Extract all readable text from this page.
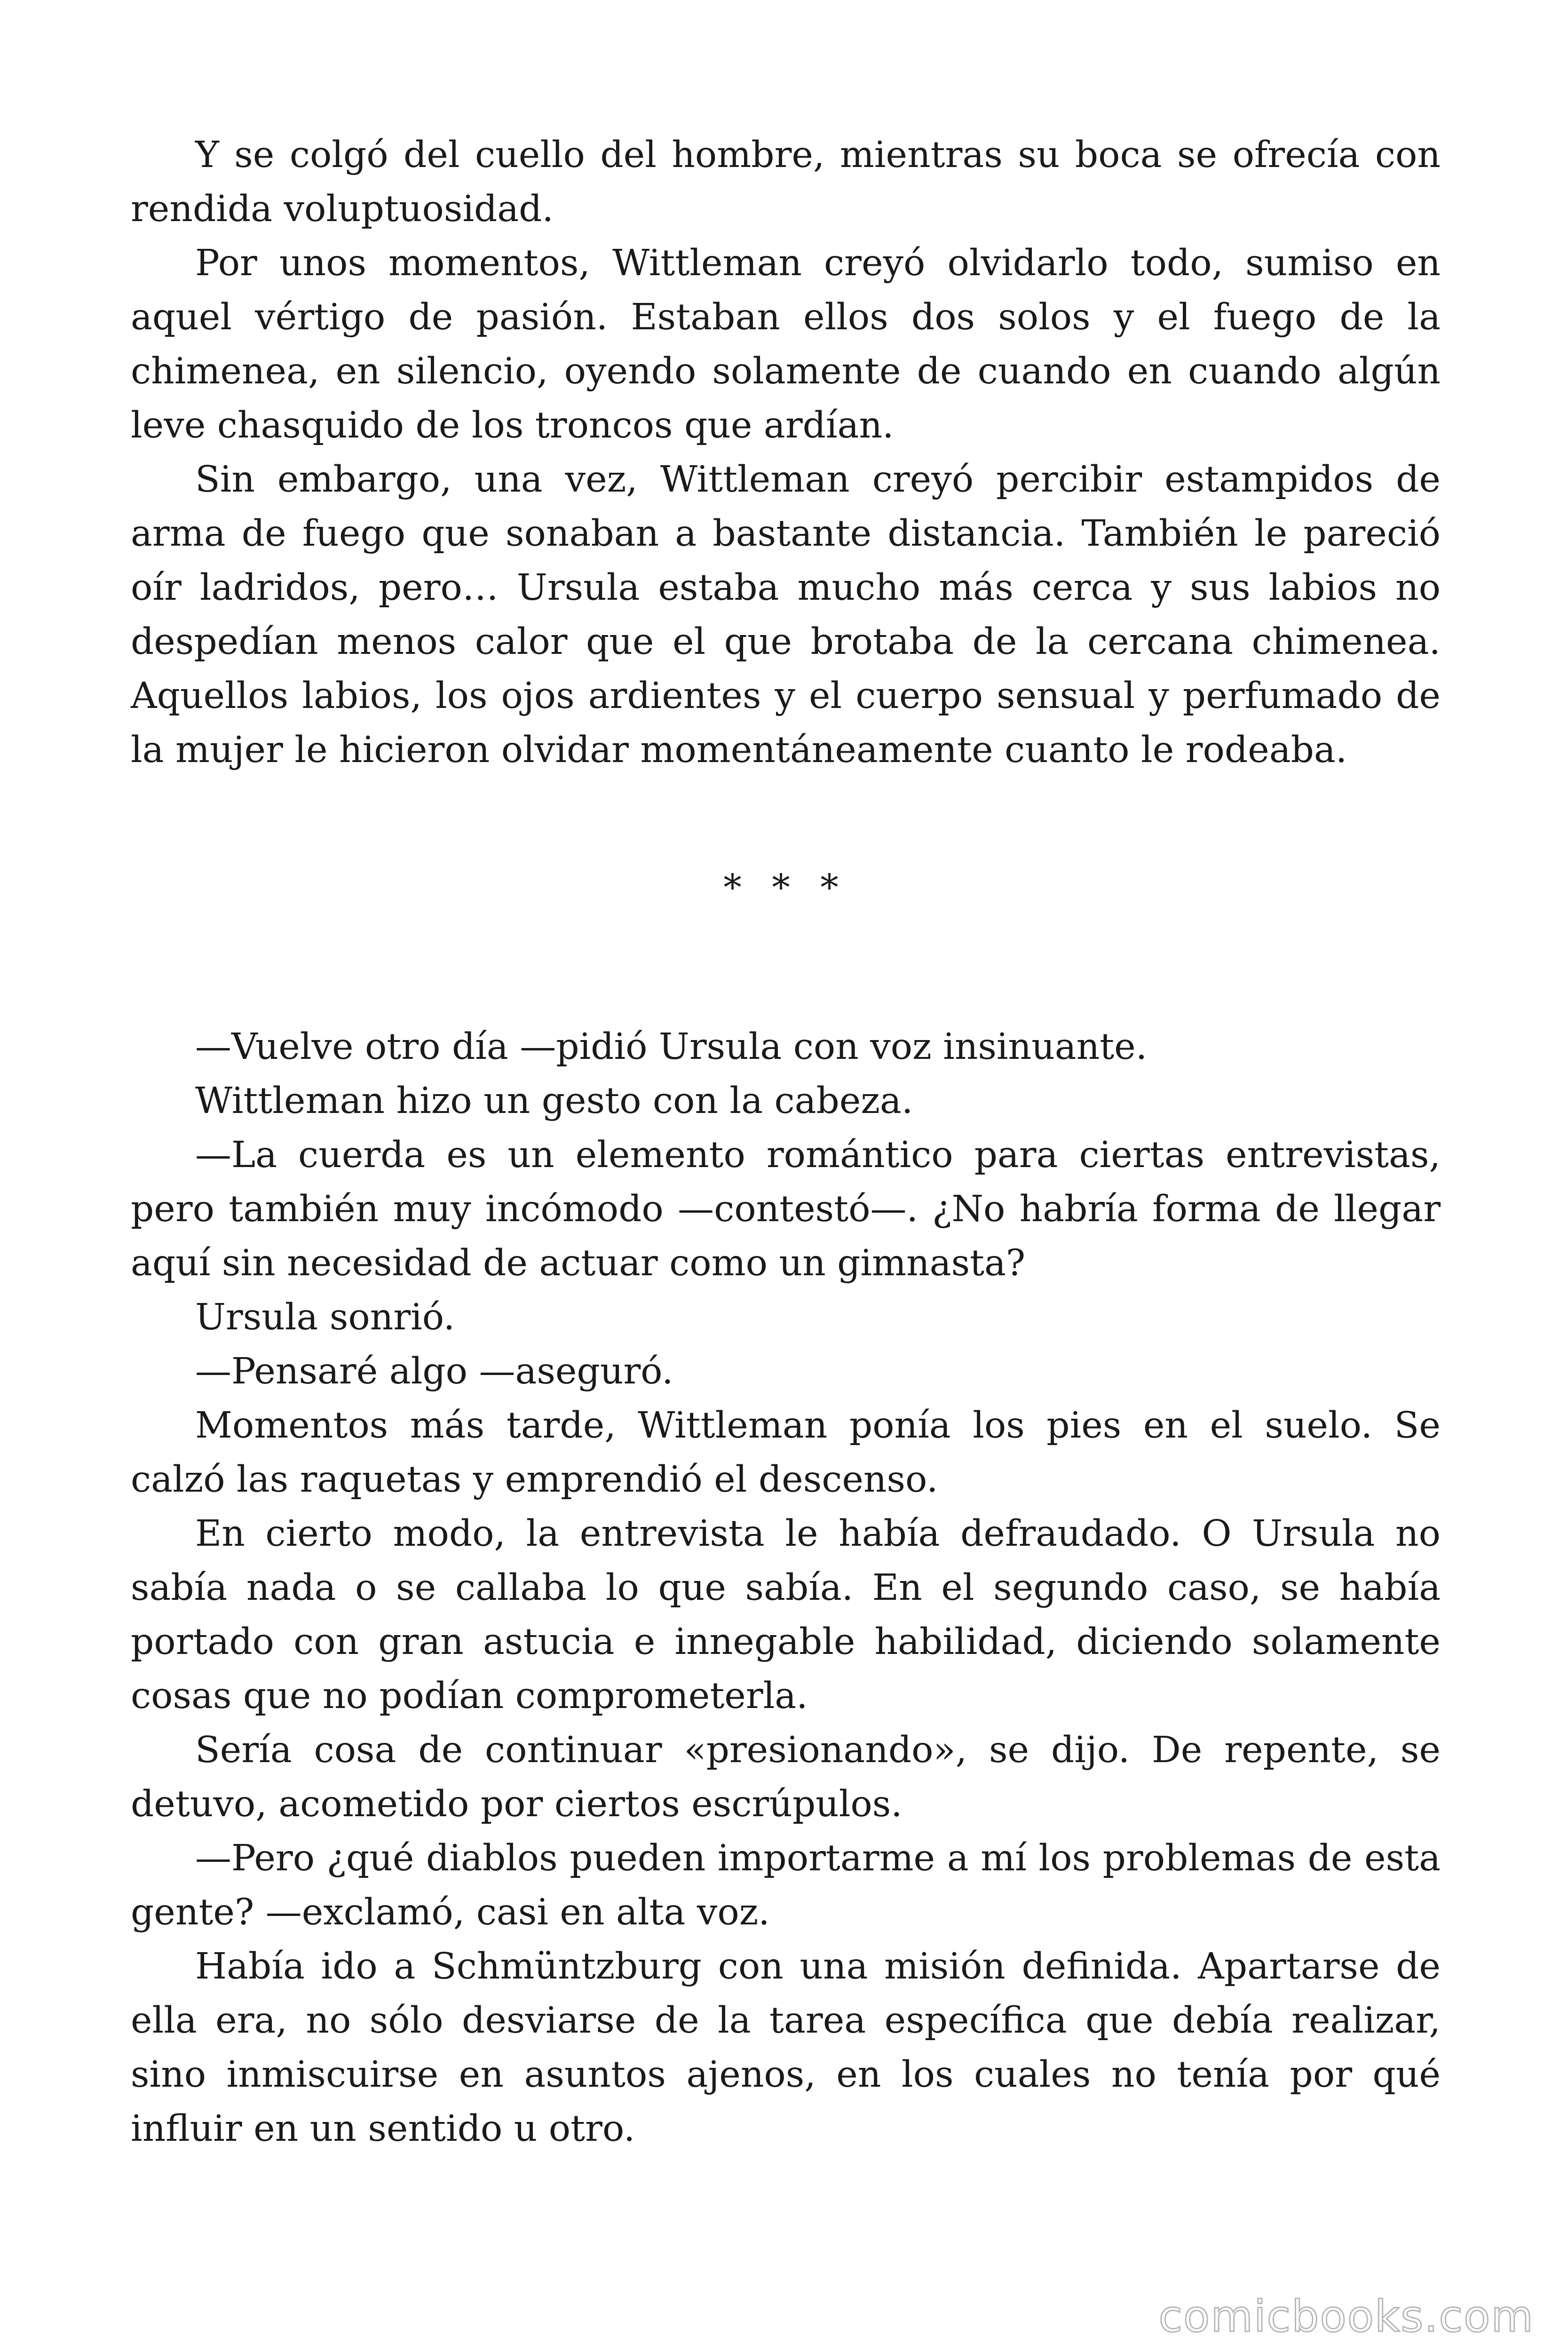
Y se colgó del cuello del hombre, mientras su boca se ofrecía con rendida voluptuosidad.

Por unos momentos, Wittleman creyó olvidarlo todo, sumiso en aquel vértigo de pasión. Estaban ellos dos solos y el fuego de la chimenea, en silencio, oyendo solamente de cuando en cuando algún leve chasquido de los troncos que ardían.

Sin embargo, una vez, Wittleman creyó percibir estampidos de arma de fuego que sonaban a bastante distancia. También le pareció oír ladridos, pero… Ursula estaba mucho más cerca y sus labios no despedían menos calor que el que brotaba de la cercana chimenea. Aquellos labios, los ojos ardientes y el cuerpo sensual y perfumado de la mujer le hicieron olvidar momentáneamente cuanto le rodeaba.

* * *

—Vuelve otro día —pidió Ursula con voz insinuante.

Wittleman hizo un gesto con la cabeza.

—La cuerda es un elemento romántico para ciertas entrevistas, pero también muy incómodo —contestó—. ¿No habría forma de llegar aquí sin necesidad de actuar como un gimnasta?

Ursula sonrió.

—Pensaré algo —aseguró.

Momentos más tarde, Wittleman ponía los pies en el suelo. Se calzó las raquetas y emprendió el descenso.

En cierto modo, la entrevista le había defraudado. O Ursula no sabía nada o se callaba lo que sabía. En el segundo caso, se había portado con gran astucia e innegable habilidad, diciendo solamente cosas que no podían comprometerla.

Sería cosa de continuar «presionando», se dijo. De repente, se detuvo, acometido por ciertos escrúpulos.

—Pero ¿qué diablos pueden importarme a mí los problemas de esta gente? —exclamó, casi en alta voz.

Había ido a Schmüntzburg con una misión definida. Apartarse de ella era, no sólo desviarse de la tarea específica que debía realizar, sino inmiscuirse en asuntos ajenos, en los cuales no tenía por qué influir en un sentido u otro.

comicbooks.com
